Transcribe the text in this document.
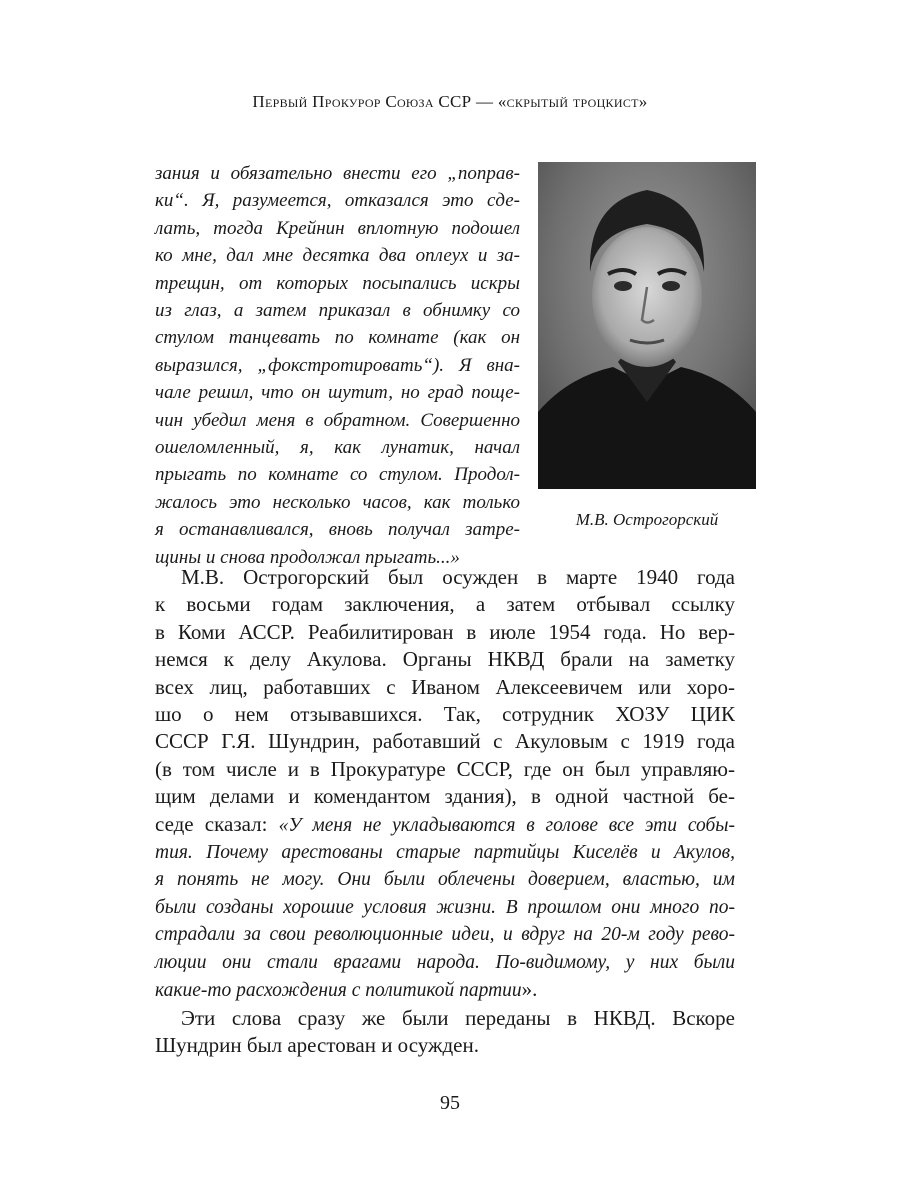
Первый Прокурор Союза ССР — «скрытый троцкист»
зания и обязательно внести его „поправ-
ки“. Я, разумеется, отказался это сде-
лать, тогда Крейнин вплотную подошел
ко мне, дал мне десятка два оплеух и за-
трещин, от которых посыпались искры
из глаз, а затем приказал в обнимку со
стулом танцевать по комнате (как он
выразился, „фокстротировать“). Я вна-
чале решил, что он шутит, но град поще-
чин убедил меня в обратном. Совершенно
ошеломленный, я, как лунатик, начал
прыгать по комнате со стулом. Продол-
жалось это несколько часов, как только
я останавливался, вновь получал затре-
щины и снова продолжал прыгать...»
М.В. Острогорский
М.В. Острогорский был осужден в марте 1940 года
к восьми годам заключения, а затем отбывал ссылку
в Коми АССР. Реабилитирован в июле 1954 года. Но вер-
немся к делу Акулова. Органы НКВД брали на заметку
всех лиц, работавших с Иваном Алексеевичем или хоро-
шо о нем отзывавшихся. Так, сотрудник ХОЗУ ЦИК
СССР Г.Я. Шундрин, работавший с Акуловым с 1919 года
(в том числе и в Прокуратуре СССР, где он был управляю-
щим делами и комендантом здания), в одной частной бе-
седе сказал: «У меня не укладываются в голове все эти собы-
тия. Почему арестованы старые партийцы Киселёв и Акулов,
я понять не могу. Они были облечены доверием, властью, им
были созданы хорошие условия жизни. В прошлом они много по-
страдали за свои революционные идеи, и вдруг на 20-м году рево-
люции они стали врагами народа. По-видимому, у них были
какие-то расхождения с политикой партии».
Эти слова сразу же были переданы в НКВД. Вскоре
Шундрин был арестован и осужден.
95
